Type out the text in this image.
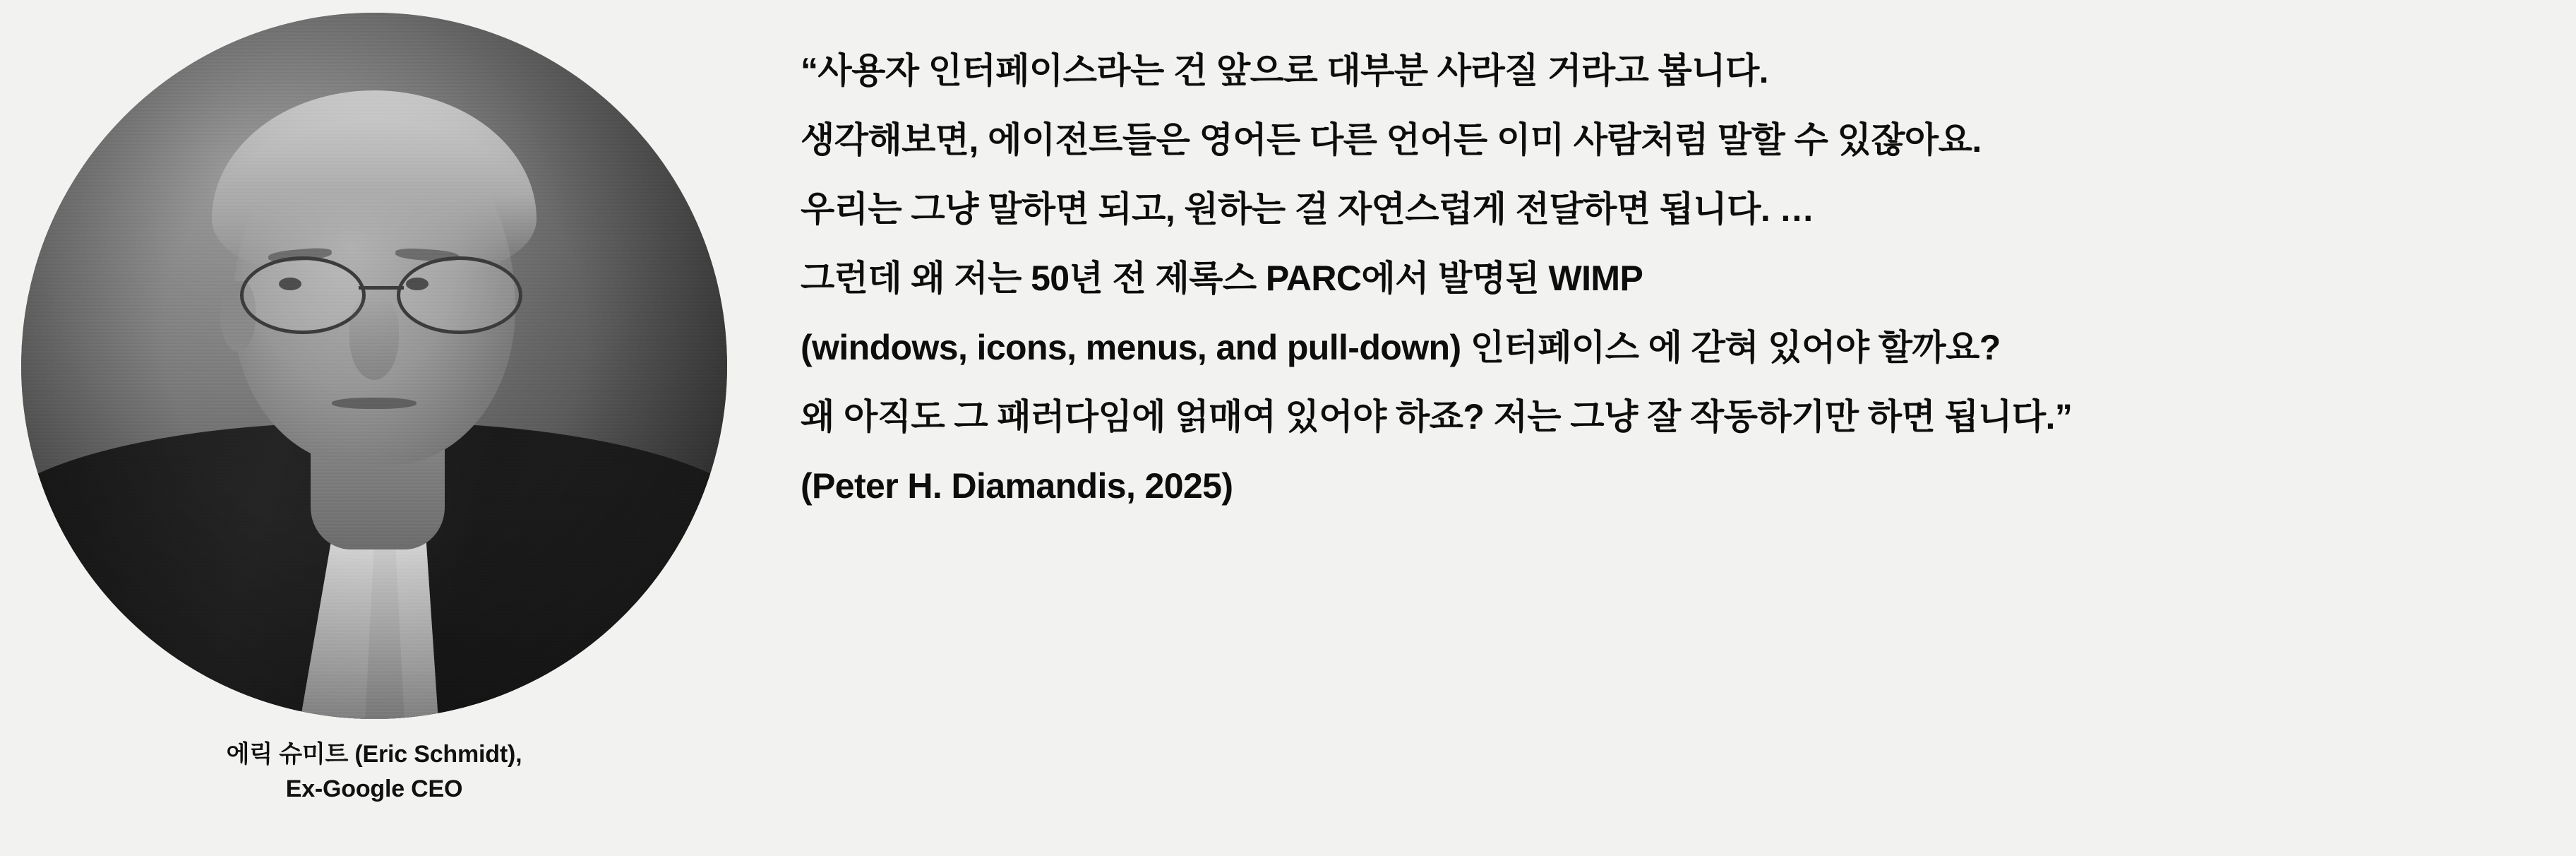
에릭 슈미트 (Eric Schmidt),
Ex-Google CEO

“사용자 인터페이스라는 건 앞으로 대부분 사라질 거라고 봅니다.

생각해보면, 에이전트들은 영어든 다른 언어든 이미 사람처럼 말할 수 있잖아요.

우리는 그냥 말하면 되고, 원하는 걸 자연스럽게 전달하면 됩니다. …

그런데 왜 저는 50년 전 제록스 PARC에서 발명된 WIMP

(windows, icons, menus, and pull-down) 인터페이스 에 갇혀 있어야 할까요?

왜 아직도 그 패러다임에 얽매여 있어야 하죠? 저는 그냥 잘 작동하기만 하면 됩니다.”

(Peter H. Diamandis, 2025)
